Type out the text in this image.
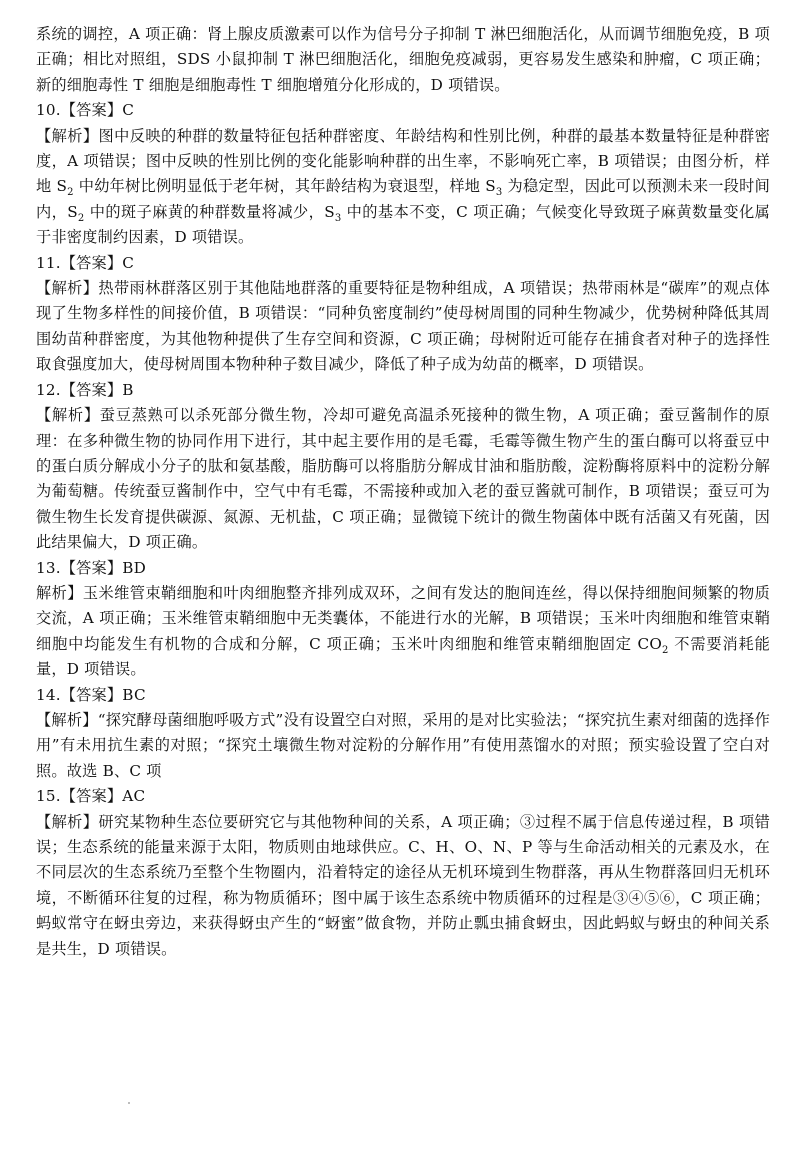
系统的调控，A 项正确：肾上腺皮质激素可以作为信号分子抑制 T 淋巴细胞活化，从而调节细胞免疫，B 项正确；相比对照组，SDS 小鼠抑制 T 淋巴细胞活化，细胞免疫减弱，更容易发生感染和肿瘤，C 项正确；新的细胞毒性 T 细胞是细胞毒性 T 细胞增殖分化形成的，D 项错误。

10.【答案】C

【解析】图中反映的种群的数量特征包括种群密度、年龄结构和性别比例，种群的最基本数量特征是种群密度，A 项错误；图中反映的性别比例的变化能影响种群的出生率，不影响死亡率，B 项错误；由图分析，样地 $S_2$ 中幼年树比例明显低于老年树，其年龄结构为衰退型，样地 $S_3$ 为稳定型，因此可以预测未来一段时间内，$S_2$ 中的斑子麻黄的种群数量将减少，$S_3$ 中的基本不变，C 项正确；气候变化导致斑子麻黄数量变化属于非密度制约因素，D 项错误。

11.【答案】C

【解析】热带雨林群落区别于其他陆地群落的重要特征是物种组成，A 项错误；热带雨林是“碳库”的观点体现了生物多样性的间接价值，B 项错误：“同种负密度制约”使母树周围的同种生物减少，优势树种降低其周围幼苗种群密度，为其他物种提供了生存空间和资源，C 项正确；母树附近可能存在捕食者对种子的选择性取食强度加大，使母树周围本物种种子数目减少，降低了种子成为幼苗的概率，D 项错误。

12.【答案】B

【解析】蚕豆蒸熟可以杀死部分微生物，冷却可避免高温杀死接种的微生物，A 项正确；蚕豆酱制作的原理：在多种微生物的协同作用下进行，其中起主要作用的是毛霉，毛霉等微生物产生的蛋白酶可以将蚕豆中的蛋白质分解成小分子的肽和氨基酸，脂肪酶可以将脂肪分解成甘油和脂肪酸，淀粉酶将原料中的淀粉分解为葡萄糖。传统蚕豆酱制作中，空气中有毛霉，不需接种或加入老的蚕豆酱就可制作，B 项错误；蚕豆可为微生物生长发育提供碳源、氮源、无机盐，C 项正确；显微镜下统计的微生物菌体中既有活菌又有死菌，因此结果偏大，D 项正确。

13.【答案】BD

解析】玉米维管束鞘细胞和叶肉细胞整齐排列成双环，之间有发达的胞间连丝，得以保持细胞间频繁的物质交流，A 项正确；玉米维管束鞘细胞中无类囊体，不能进行水的光解，B 项错误；玉米叶肉细胞和维管束鞘细胞中均能发生有机物的合成和分解，C 项正确；玉米叶肉细胞和维管束鞘细胞固定 $CO_2$ 不需要消耗能量，D 项错误。

14.【答案】BC

【解析】“探究酵母菌细胞呼吸方式”没有设置空白对照，采用的是对比实验法；“探究抗生素对细菌的选择作用”有未用抗生素的对照；“探究土壤微生物对淀粉的分解作用”有使用蒸馏水的对照；预实验设置了空白对照。故选 B、C 项

15.【答案】AC

【解析】研究某物种生态位要研究它与其他物种间的关系，A 项正确；③过程不属于信息传递过程，B 项错误；生态系统的能量来源于太阳，物质则由地球供应。C、H、O、N、P 等与生命活动相关的元素及水，在不同层次的生态系统乃至整个生物圈内，沿着特定的途径从无机环境到生物群落，再从生物群落回归无机环境，不断循环往复的过程，称为物质循环；图中属于该生态系统中物质循环的过程是③④⑤⑥，C 项正确；蚂蚁常守在蚜虫旁边，来获得蚜虫产生的“蚜蜜”做食物，并防止瓢虫捕食蚜虫，因此蚂蚁与蚜虫的种间关系是共生，D 项错误。
